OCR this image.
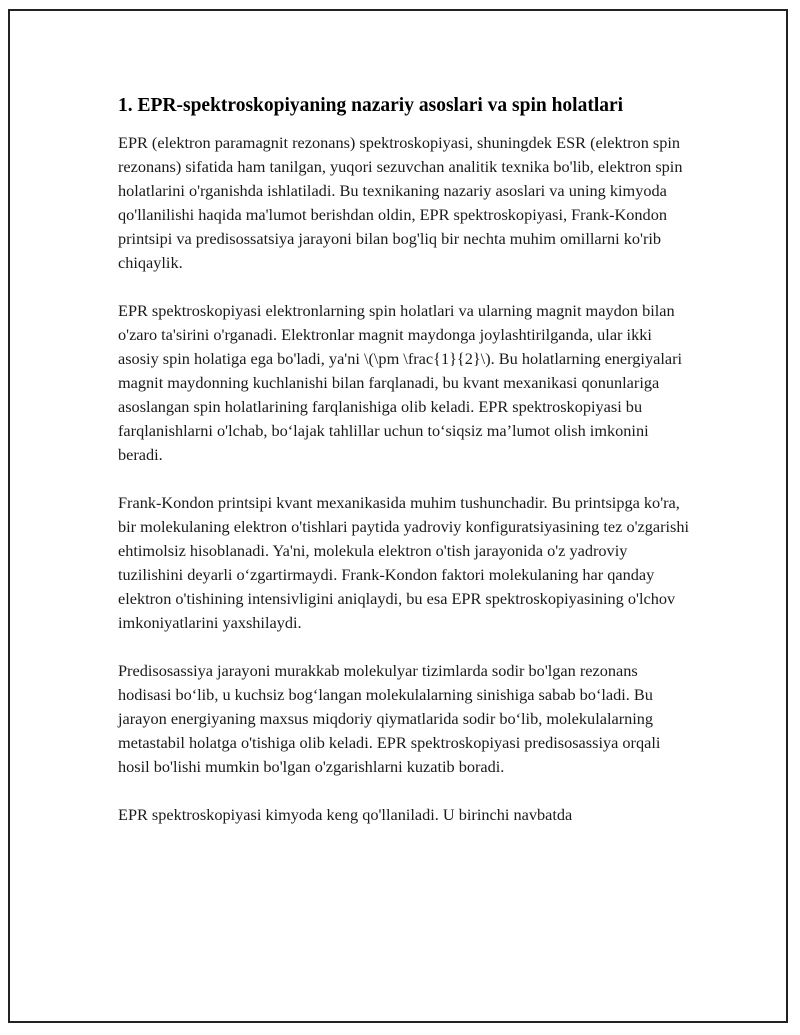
1. EPR-spektroskopiyaning nazariy asoslari va spin holatlari

EPR (elektron paramagnit rezonans) spektroskopiyasi, shuningdek ESR (elektron spin rezonans) sifatida ham tanilgan, yuqori sezuvchan analitik texnika bo'lib, elektron spin holatlarini o'rganishda ishlatiladi. Bu texnikaning nazariy asoslari va uning kimyoda qo'llanilishi haqida ma'lumot berishdan oldin, EPR spektroskopiyasi, Frank-Kondon printsipi va predisossatsiya jarayoni bilan bog'liq bir nechta muhim omillarni ko'rib chiqaylik.

EPR spektroskopiyasi elektronlarning spin holatlari va ularning magnit maydon bilan o'zaro ta'sirini o'rganadi. Elektronlar magnit maydonga joylashtirilganda, ular ikki asosiy spin holatiga ega bo'ladi, ya'ni \(\pm \frac{1}{2}\). Bu holatlarning energiyalari magnit maydonning kuchlanishi bilan farqlanadi, bu kvant mexanikasi qonunlariga asoslangan spin holatlarining farqlanishiga olib keladi. EPR spektroskopiyasi bu farqlanishlarni o'lchab, bo‘lajak tahlillar uchun to‘siqsiz ma’lumot olish imkonini beradi.

Frank-Kondon printsipi kvant mexanikasida muhim tushunchadir. Bu printsipga ko'ra, bir molekulaning elektron o'tishlari paytida yadroviy konfiguratsiyasining tez o'zgarishi ehtimolsiz hisoblanadi. Ya'ni, molekula elektron o'tish jarayonida o'z yadroviy tuzilishini deyarli o‘zgartirmaydi. Frank-Kondon faktori molekulaning har qanday elektron o'tishining intensivligini aniqlaydi, bu esa EPR spektroskopiyasining o'lchov imkoniyatlarini yaxshilaydi.

Predisosassiya jarayoni murakkab molekulyar tizimlarda sodir bo'lgan rezonans hodisasi bo‘lib, u kuchsiz bog‘langan molekulalarning sinishiga sabab bo‘ladi. Bu jarayon energiyaning maxsus miqdoriy qiymatlarida sodir bo‘lib, molekulalarning metastabil holatga o'tishiga olib keladi. EPR spektroskopiyasi predisosassiya orqali hosil bo'lishi mumkin bo'lgan o'zgarishlarni kuzatib boradi.

EPR spektroskopiyasi kimyoda keng qo'llaniladi. U birinchi navbatda
